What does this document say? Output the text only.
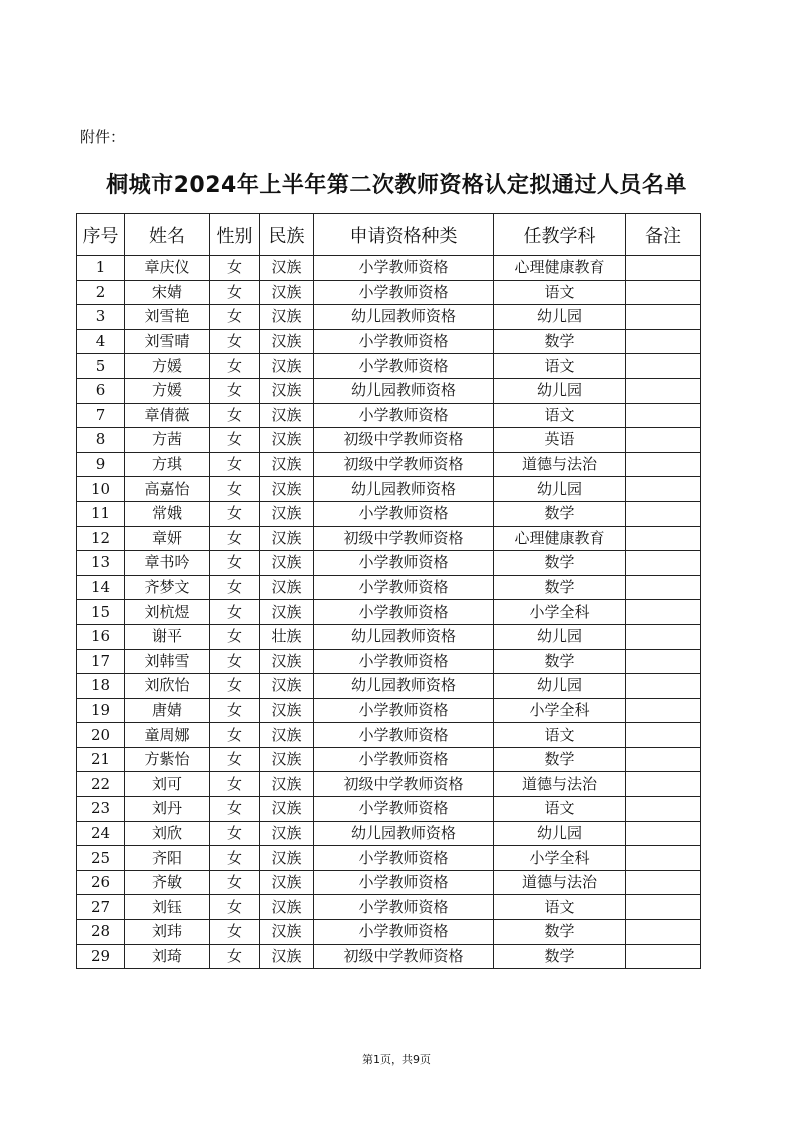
附件：
桐城市2024年上半年第二次教师资格认定拟通过人员名单
序号	姓名	性别	民族	申请资格种类	任教学科	备注
1	章庆仪	女	汉族	小学教师资格	心理健康教育	
2	宋婧	女	汉族	小学教师资格	语文	
3	刘雪艳	女	汉族	幼儿园教师资格	幼儿园	
4	刘雪晴	女	汉族	小学教师资格	数学	
5	方媛	女	汉族	小学教师资格	语文	
6	方媛	女	汉族	幼儿园教师资格	幼儿园	
7	章倩薇	女	汉族	小学教师资格	语文	
8	方茜	女	汉族	初级中学教师资格	英语	
9	方琪	女	汉族	初级中学教师资格	道德与法治	
10	高嘉怡	女	汉族	幼儿园教师资格	幼儿园	
11	常娥	女	汉族	小学教师资格	数学	
12	章妍	女	汉族	初级中学教师资格	心理健康教育	
13	章书吟	女	汉族	小学教师资格	数学	
14	齐梦文	女	汉族	小学教师资格	数学	
15	刘杭煜	女	汉族	小学教师资格	小学全科	
16	谢平	女	壮族	幼儿园教师资格	幼儿园	
17	刘韩雪	女	汉族	小学教师资格	数学	
18	刘欣怡	女	汉族	幼儿园教师资格	幼儿园	
19	唐婧	女	汉族	小学教师资格	小学全科	
20	童周娜	女	汉族	小学教师资格	语文	
21	方紫怡	女	汉族	小学教师资格	数学	
22	刘可	女	汉族	初级中学教师资格	道德与法治	
23	刘丹	女	汉族	小学教师资格	语文	
24	刘欣	女	汉族	幼儿园教师资格	幼儿园	
25	齐阳	女	汉族	小学教师资格	小学全科	
26	齐敏	女	汉族	小学教师资格	道德与法治	
27	刘钰	女	汉族	小学教师资格	语文	
28	刘玮	女	汉族	小学教师资格	数学	
29	刘琦	女	汉族	初级中学教师资格	数学	
第1页，共9页
